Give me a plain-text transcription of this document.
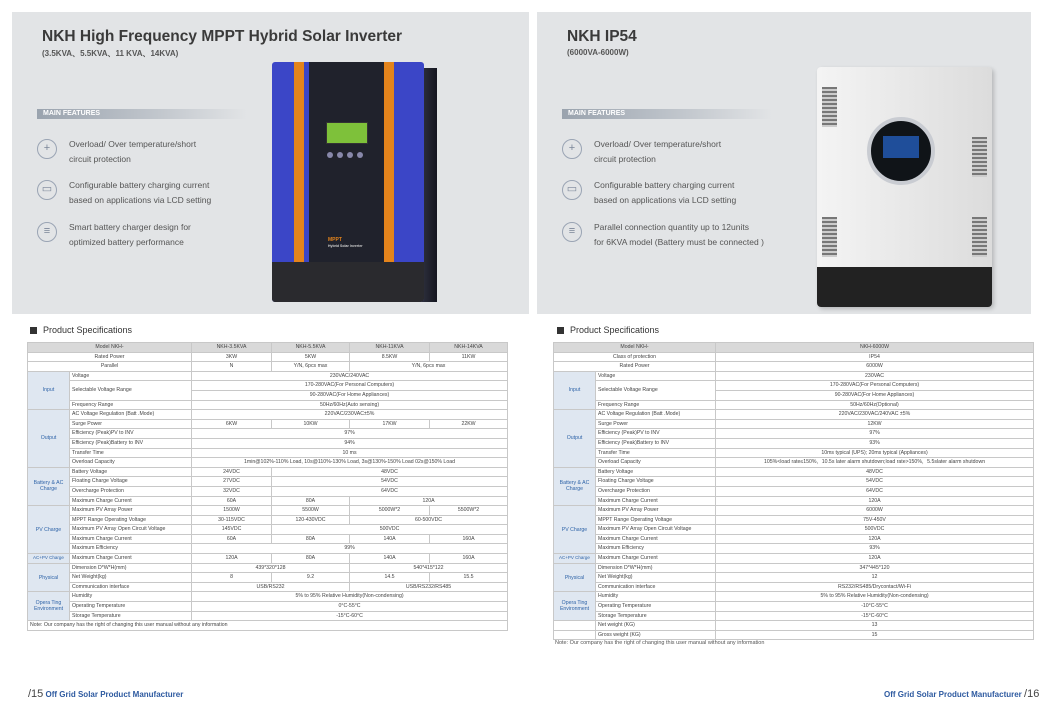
NKH High Frequency MPPT Hybrid Solar Inverter
(3.5KVA、5.5KVA、11 KVA、14KVA)
MAIN FEATURES
+	Overload/ Over temperature/short
circuit protection
▭	Configurable battery charging current
based on applications via LCD setting
≡	Smart battery charger design for
optimized battery performance	MPPT
Hybrid Solar Inverter
NKH IP54
(6000VA-6000W)
MAIN FEATURES
+	Overload/ Over temperature/short
circuit protection
▭	Configurable battery charging current
based on applications via LCD setting
≡	Parallel connection quantity up to 12units
for 6KVA model (Battery must be connected )
Product Specifications
Model NKH-		NKH-3.5KVA	NKH-5.5KVA	NKH-11KVA	NKH-14KVA
Rated Power		3KW	5KW	8.5KW	11KW
Parallel		N	Y/N, 6pcs max	Y/N, 6pcs max	
Input	Voltage	230VAC/240VAC			
	Selectable Voltage Range	170-280VAC(For Personal Computers)			
		90-280VAC(For Home Appliances)			
	Frequency Range	50Hz/60Hz(Auto sensing)			
Output	AC Voltage Regulation (Batt .Mode)	220VAC/230VAC±5%			
	Surge Power	6KW	10KW	17KW	22KW
	Efficiency (Peak)PV to INV	97%			
	Efficiency (Peak)Battery to INV	94%			
	Transfer Time	10 ms			
	Overload Capacity	1min@102%-110% Load, 10s@110%-130% Load, 3s@130%-150% Load 02s@150% Load			
Battery & AC Charge	Battery Voltage	24VDC	48VDC		
	Floating Charge Voltage	27VDC	54VDC		
	Overcharge Protection	32VDC	64VDC		
	Maximum Charge Current	60A	80A	120A	
PV Charge	Maximum PV Array Power	1500W	5500W	5000W*2	5500W*2
	MPPT Range Operating Voltage	30-115VDC	120-430VDC	60-500VDC	
	Maximum PV Array Open Circuit Voltage	145VDC	500VDC		
	Maximum Charge Current	60A	80A	140A	160A
	Maximum Efficiency	99%			
AC+PV Charge	Maximum Charge Current	120A	80A	140A	160A
Physical	Dimension D*W*H(mm)	439*320*128		540*415*122	
	Net Weight(kg)	8	9.2	14.5	15.5
	Communication interface	USB/RS232		USB/RS232/RS485	
Opera Ting Environment	Humidity	5% to 95% Relative Humidity(Non-condensing)			
	Operating Temperature	0°C-55°C			
	Storage Temperature	-15°C-60°C			
Note: Our company has the right of changing this user manual without any information					
Product Specifications
Model NKH-		NKH-6000W
Class of protection		IP54
Rated Power		6000W
Input	Voltage	230VAC
	Selectable Voltage Range	170-280VAC(For Personal Computers)
		90-280VAC(For Home Appliances)
	Frequency Range	50Hz/60Hz(Optional)
Output	AC Voltage Regulation (Batt .Mode)	220VAC/230VAC/240VAC ±5%
	Surge Power	12KW
	Efficiency (Peak)PV to INV	97%
	Efficiency (Peak)Battery to INV	93%
	Transfer Time	10ms typical (UPS); 20ms typical (Appliances)
	Overload Capacity	105%<load rate≤150%，10.5s later alarm shutdown;load rate>150%，5.5slater alarm shutdown
Battery & AC Charge	Battery Voltage	48VDC
	Floating Charge Voltage	54VDC
	Overcharge Protection	64VDC
	Maximum Charge Current	120A
PV Charge	Maximum PV Array Power	6000W
	MPPT Range Operating Voltage	75V-450V
	Maximum PV Array Open Circuit Voltage	500VDC
	Maximum Charge Current	120A
	Maximum Efficiency	93%
AC+PV Charge	Maximum Charge Current	120A
Physical	Dimension D*W*H(mm)	347*445*120
	Net Weight(kg)	12
	Communication interface	RS232/RS485/Drycontact/Wi-Fi
Opera Ting Environment	Humidity	5% to 95% Relative Humidity(Non-condensing)
	Operating Temperature	-10°C-55°C
	Storage Temperature	-15°C-60°C
	Net weight (KG)	13
	Gross weight (KG)	15
Note: Our company has the right of changing this user manual without any information
/15 Off Grid Solar Product Manufacturer	Off Grid Solar Product Manufacturer /16
